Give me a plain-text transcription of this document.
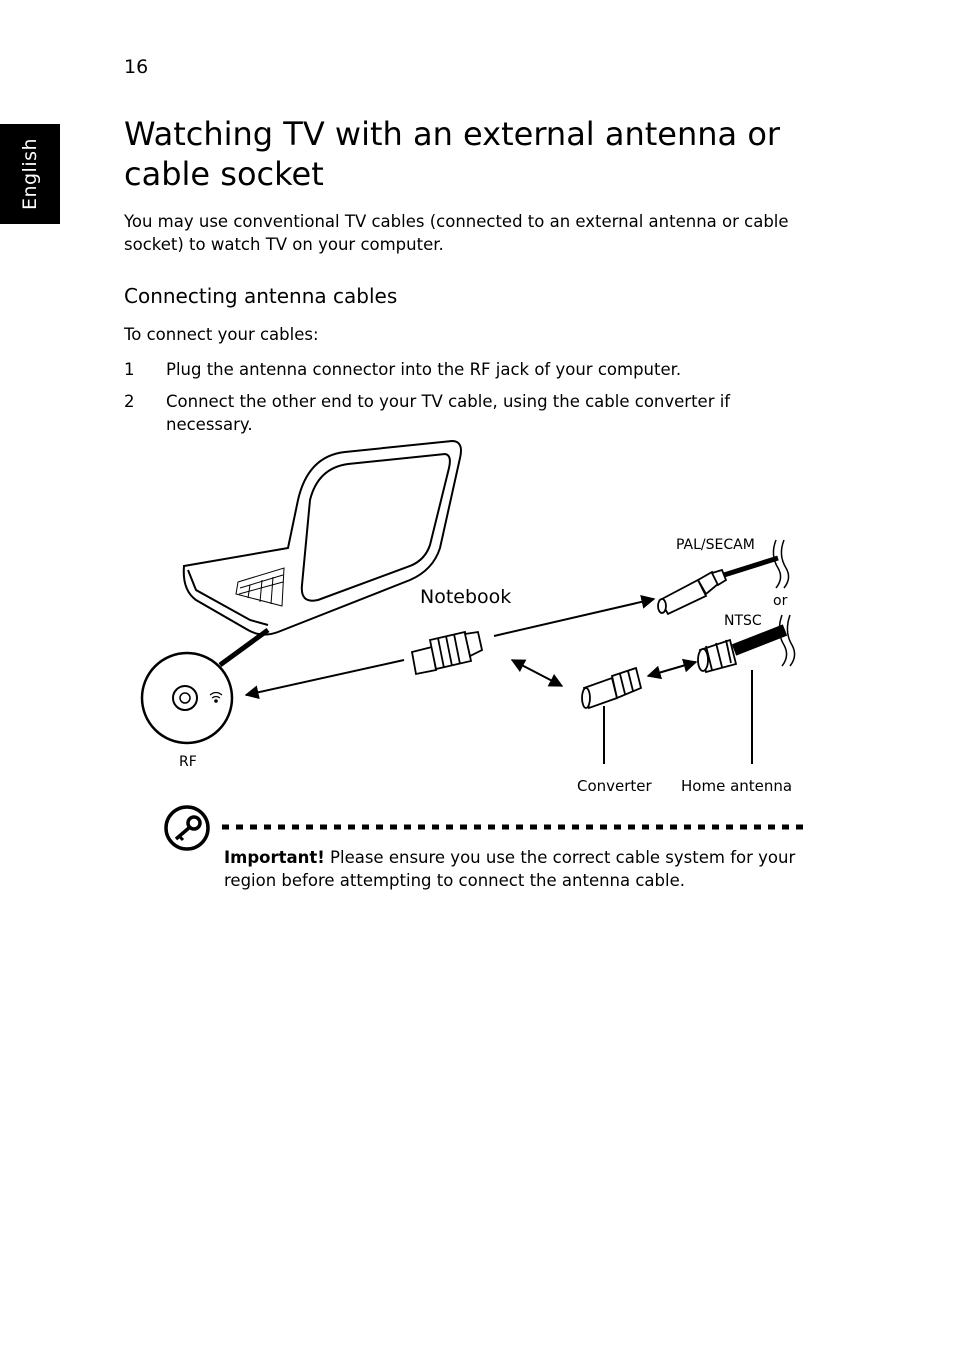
16
English
Watching TV with an external antenna or cable socket

You may use conventional TV cables (connected to an external antenna or cable socket) to watch TV on your computer.

Connecting antenna cables

To connect your cables:

1 Plug the antenna connector into the RF jack of your computer.
2 Connect the other end to your TV cable, using the cable converter if necessary.
Notebook
PAL/SECAM
or
NTSC
RF
Converter Home antenna

Important! Please ensure you use the correct cable system for your region before attempting to connect the antenna cable.
